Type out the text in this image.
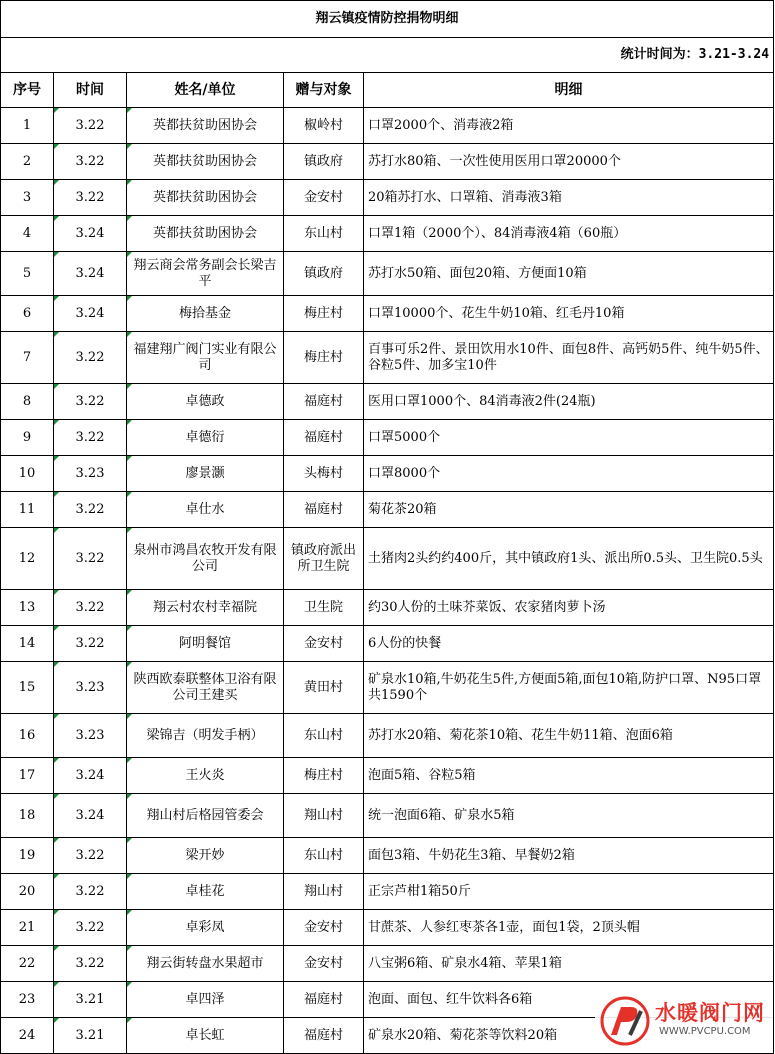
翔云镇疫情防控捐物明细				
统计时间为：3.21-3.24				
序号	时间	姓名/单位	赠与对象	明细
1	3.22	英都扶贫助困协会	椒岭村	口罩2000个、消毒液2箱
2	3.22	英都扶贫助困协会	镇政府	苏打水80箱、一次性使用医用口罩20000个
3	3.22	英都扶贫助困协会	金安村	20箱苏打水、口罩箱、消毒液3箱
4	3.24	英都扶贫助困协会	东山村	口罩1箱（2000个）、84消毒液4箱（60瓶）
5	3.24	翔云商会常务副会长梁吉平	镇政府	苏打水50箱、面包20箱、方便面10箱
6	3.24	梅拾基金	梅庄村	口罩10000个、花生牛奶10箱、红毛丹10箱
7	3.22	福建翔广阀门实业有限公司	梅庄村	百事可乐2件、景田饮用水10件、面包8件、高钙奶5件、纯牛奶5件、谷粒5件、加多宝10件
8	3.22	卓德政	福庭村	医用口罩1000个、84消毒液2件(24瓶)
9	3.22	卓德衍	福庭村	口罩5000个
10	3.23	廖景灏	头梅村	口罩8000个
11	3.22	卓仕水	福庭村	菊花茶20箱
12	3.22	泉州市鸿昌农牧开发有限公司	镇政府派出所卫生院	土猪肉2头约约400斤，其中镇政府1头、派出所0.5头、卫生院0.5头
13	3.22	翔云村农村幸福院	卫生院	约30人份的土味芥菜饭、农家猪肉萝卜汤
14	3.22	阿明餐馆	金安村	6人份的快餐
15	3.23	陕西欧泰联整体卫浴有限公司王建买	黄田村	矿泉水10箱,牛奶花生5件,方便面5箱,面包10箱,防护口罩、N95口罩共1590个
16	3.23	梁锦吉（明发手柄）	东山村	苏打水20箱、菊花茶10箱、花生牛奶11箱、泡面6箱
17	3.24	王火炎	梅庄村	泡面5箱、谷粒5箱
18	3.24	翔山村后格园管委会	翔山村	统一泡面6箱、矿泉水5箱
19	3.22	梁开妙	东山村	面包3箱、牛奶花生3箱、早餐奶2箱
20	3.22	卓桂花	翔山村	正宗芦柑1箱50斤
21	3.22	卓彩凤	金安村	甘蔗茶、人参红枣茶各1壶，面包1袋，2顶头帽
22	3.22	翔云街转盘水果超市	金安村	八宝粥6箱、矿泉水4箱、苹果1箱
23	3.21	卓四泽	福庭村	泡面、面包、红牛饮料各6箱
24	3.21	卓长虹	福庭村	矿泉水20箱、菊花茶等饮料20箱
水暖阀门网
WWW.PVCPU.COM
